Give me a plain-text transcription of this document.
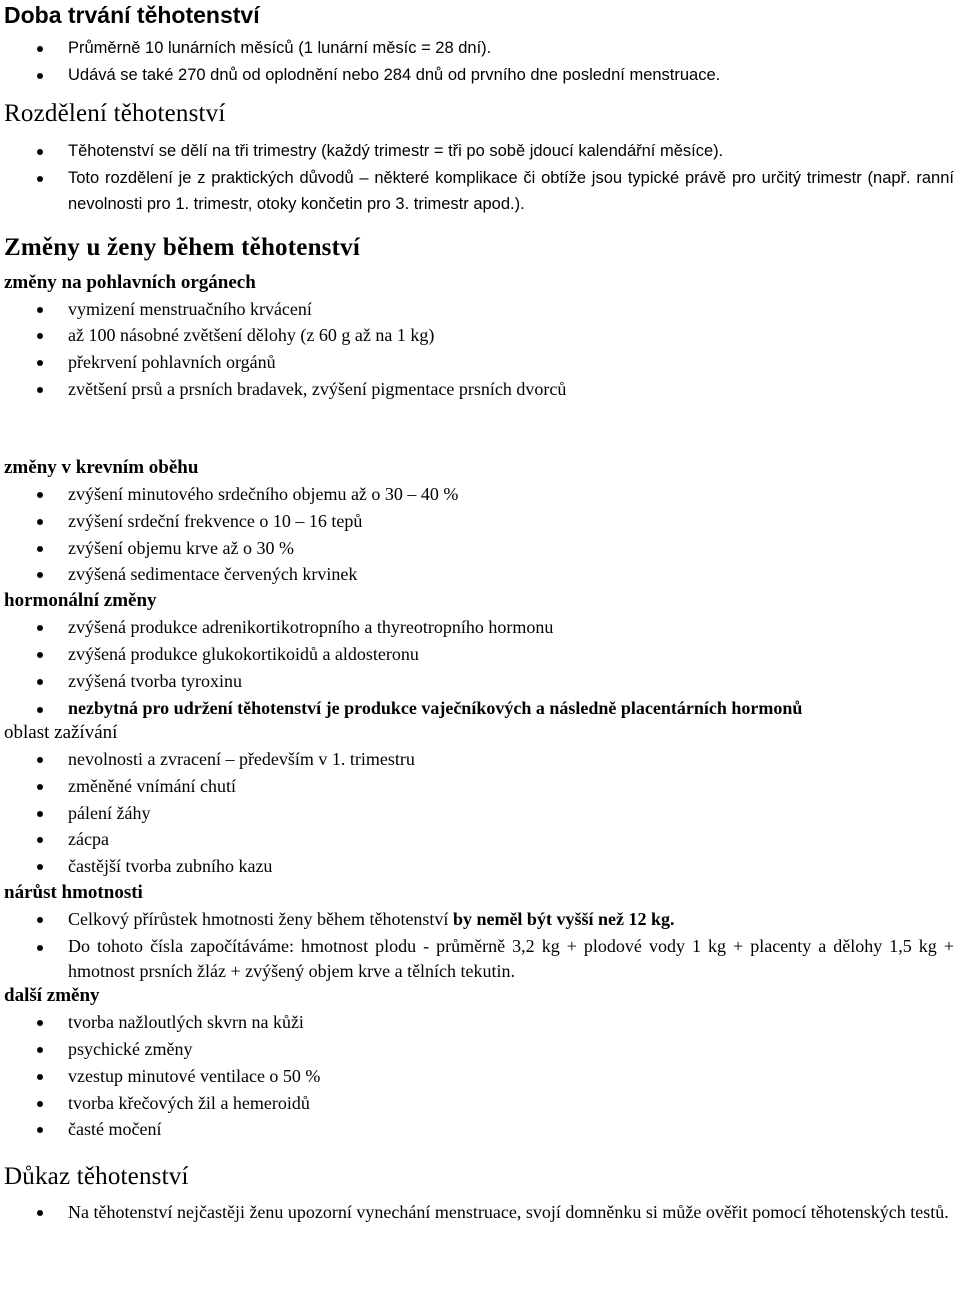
Doba trvání těhotenství
Průměrně 10 lunárních měsíců (1 lunární měsíc = 28 dní).
Udává se také 270 dnů od oplodnění nebo 284 dnů od prvního dne poslední menstruace.
Rozdělení těhotenství
Těhotenství se dělí na tři trimestry (každý trimestr = tři po sobě jdoucí kalendářní měsíce).
Toto rozdělení je z praktických důvodů – některé komplikace či obtíže jsou typické právě pro určitý trimestr (např. ranní nevolnosti pro 1. trimestr, otoky končetin pro 3. trimestr apod.).
Změny u ženy během těhotenství

změny na pohlavních orgánech

vymizení menstruačního krvácení
až 100 násobné zvětšení dělohy (z 60 g až na 1 kg)
překrvení pohlavních orgánů
zvětšení prsů a prsních bradavek, zvýšení pigmentace prsních dvorců

změny v krevním oběhu

zvýšení minutového srdečního objemu až o 30 – 40 %
zvýšení srdeční frekvence o 10 – 16 tepů
zvýšení objemu krve až o 30 %
zvýšená sedimentace červených krvinek

hormonální změny

zvýšená produkce adrenikortikotropního a thyreotropního hormonu
zvýšená produkce glukokortikoidů a aldosteronu
zvýšená tvorba tyroxinu
nezbytná pro udržení těhotenství je produkce vaječníkových a následně placentárních hormonů

oblast zažívání

nevolnosti a zvracení – především v 1. trimestru
změněné vnímání chutí
pálení žáhy
zácpa
častější tvorba zubního kazu

nárůst hmotnosti

Celkový přírůstek hmotnosti ženy během těhotenství by neměl být vyšší než 12 kg.
Do tohoto čísla započítáváme: hmotnost plodu - průměrně 3,2 kg + plodové vody 1 kg + placenty a dělohy 1,5 kg + hmotnost prsních žláz + zvýšený objem krve a tělních tekutin.

další změny

tvorba nažloutlých skvrn na kůži
psychické změny
vzestup minutové ventilace o 50 %
tvorba křečových žil a hemeroidů
časté močení
Důkaz těhotenství
Na těhotenství nejčastěji ženu upozorní vynechání menstruace, svojí domněnku si může ověřit pomocí těhotenských testů.
